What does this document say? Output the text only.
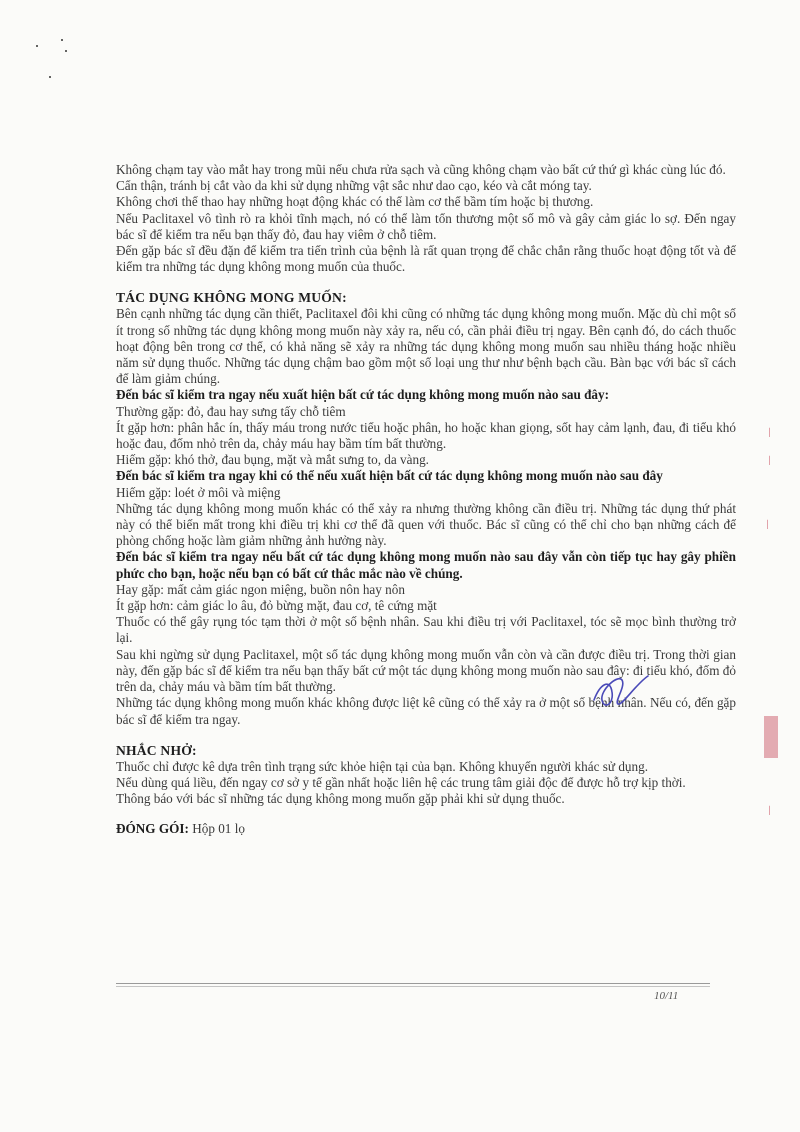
∣
∣
∣
∣

Không chạm tay vào mắt hay trong mũi nếu chưa rửa sạch và cũng không chạm vào bất cứ thứ gì khác cùng lúc đó.

Cẩn thận, tránh bị cắt vào da khi sử dụng những vật sắc như dao cạo, kéo và cắt móng tay.

Không chơi thể thao hay những hoạt động khác có thể làm cơ thể bầm tím hoặc bị thương.

Nếu Paclitaxel vô tình rò ra khỏi tĩnh mạch, nó có thể làm tổn thương một số mô và gây cảm giác lo sợ. Đến ngay bác sĩ để kiểm tra nếu bạn thấy đỏ, đau hay viêm ở chỗ tiêm.

Đến gặp bác sĩ đều đặn để kiểm tra tiến trình của bệnh là rất quan trọng để chắc chắn rằng thuốc hoạt động tốt và để kiểm tra những tác dụng không mong muốn của thuốc.

TÁC DỤNG KHÔNG MONG MUỐN:

Bên cạnh những tác dụng cần thiết, Paclitaxel đôi khi cũng có những tác dụng không mong muốn. Mặc dù chỉ một số ít trong số những tác dụng không mong muốn này xảy ra, nếu có, cần phải điều trị ngay. Bên cạnh đó, do cách thuốc hoạt động bên trong cơ thể, có khả năng sẽ xảy ra những tác dụng không mong muốn sau nhiều tháng hoặc nhiều năm sử dụng thuốc. Những tác dụng chậm bao gồm một số loại ung thư như bệnh bạch cầu. Bàn bạc với bác sĩ cách để làm giảm chúng.

Đến bác sĩ kiểm tra ngay nếu xuất hiện bất cứ tác dụng không mong muốn nào sau đây:

Thường gặp: đỏ, đau hay sưng tấy chỗ tiêm

Ít gặp hơn: phân hắc ín, thấy máu trong nước tiểu hoặc phân, ho hoặc khan giọng, sốt hay cảm lạnh, đau, đi tiểu khó hoặc đau, đốm nhỏ trên da, chảy máu hay bầm tím bất thường.

Hiếm gặp: khó thở, đau bụng, mặt và mắt sưng to, da vàng.

Đến bác sĩ kiểm tra ngay khi có thể nếu xuất hiện bất cứ tác dụng không mong muốn nào sau đây

Hiếm gặp: loét ở môi và miệng

Những tác dụng không mong muốn khác có thể xảy ra nhưng thường không cần điều trị. Những tác dụng thứ phát này có thể biến mất trong khi điều trị khi cơ thể đã quen với thuốc. Bác sĩ cũng có thể chỉ cho bạn những cách để phòng chống hoặc làm giảm những ảnh hưởng này.

Đến bác sĩ kiểm tra ngay nếu bất cứ tác dụng không mong muốn nào sau đây vẫn còn tiếp tục hay gây phiền phức cho bạn, hoặc nếu bạn có bất cứ thắc mắc nào về chúng.

Hay gặp: mất cảm giác ngon miệng, buồn nôn hay nôn

Ít gặp hơn: cảm giác lo âu, đỏ bừng mặt, đau cơ, tê cứng mặt

Thuốc có thể gây rụng tóc tạm thời ở một số bệnh nhân. Sau khi điều trị với Paclitaxel, tóc sẽ mọc bình thường trở lại.

Sau khi ngừng sử dụng Paclitaxel, một số tác dụng không mong muốn vẫn còn và cần được điều trị. Trong thời gian này, đến gặp bác sĩ để kiểm tra nếu bạn thấy bất cứ một tác dụng không mong muốn nào sau đây: đi tiểu khó, đốm đỏ trên da, chảy máu và bầm tím bất thường.

Những tác dụng không mong muốn khác không được liệt kê cũng có thể xảy ra ở một số bệnh nhân. Nếu có, đến gặp bác sĩ để kiểm tra ngay.

NHẮC NHỞ:

Thuốc chỉ được kê dựa trên tình trạng sức khỏe hiện tại của bạn. Không khuyến người khác sử dụng.

Nếu dùng quá liều, đến ngay cơ sở y tế gần nhất hoặc liên hệ các trung tâm giải độc để được hỗ trợ kịp thời.

Thông báo với bác sĩ những tác dụng không mong muốn gặp phải khi sử dụng thuốc.

ĐÓNG GÓI: Hộp 01 lọ

10/11
